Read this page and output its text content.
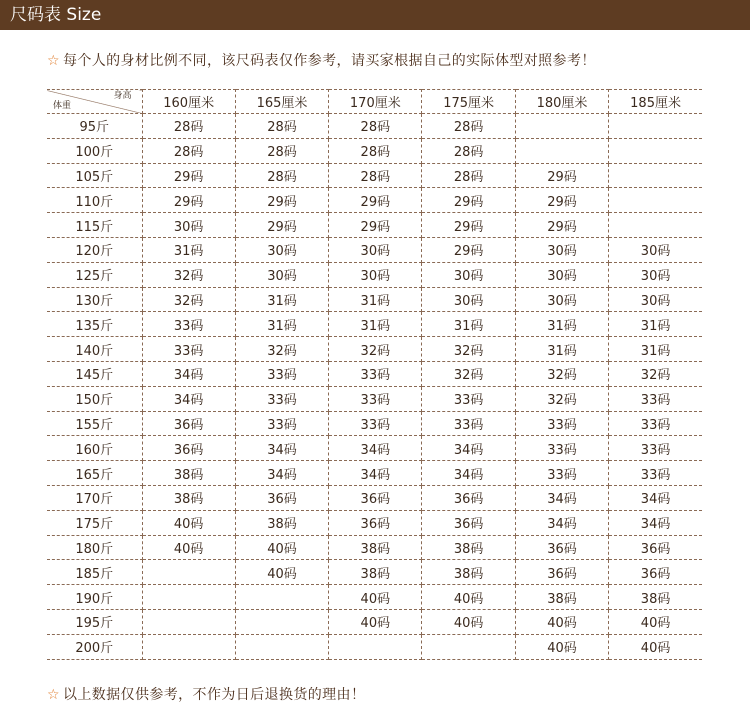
尺码表 Size
☆ 每个人的身材比例不同，该尺码表仅作参考，请买家根据自己的实际体型对照参考！
身高
体重	160厘米	165厘米	170厘米	175厘米	180厘米	185厘米
95斤	28码	28码	28码	28码		
100斤	28码	28码	28码	28码		
105斤	29码	28码	28码	28码	29码	
110斤	29码	29码	29码	29码	29码	
115斤	30码	29码	29码	29码	29码	
120斤	31码	30码	30码	29码	30码	30码
125斤	32码	30码	30码	30码	30码	30码
130斤	32码	31码	31码	30码	30码	30码
135斤	33码	31码	31码	31码	31码	31码
140斤	33码	32码	32码	32码	31码	31码
145斤	34码	33码	33码	32码	32码	32码
150斤	34码	33码	33码	33码	32码	33码
155斤	36码	33码	33码	33码	33码	33码
160斤	36码	34码	34码	34码	33码	33码
165斤	38码	34码	34码	34码	33码	33码
170斤	38码	36码	36码	36码	34码	34码
175斤	40码	38码	36码	36码	34码	34码
180斤	40码	40码	38码	38码	36码	36码
185斤		40码	38码	38码	36码	36码
190斤			40码	40码	38码	38码
195斤			40码	40码	40码	40码
200斤					40码	40码
☆ 以上数据仅供参考，不作为日后退换货的理由！
